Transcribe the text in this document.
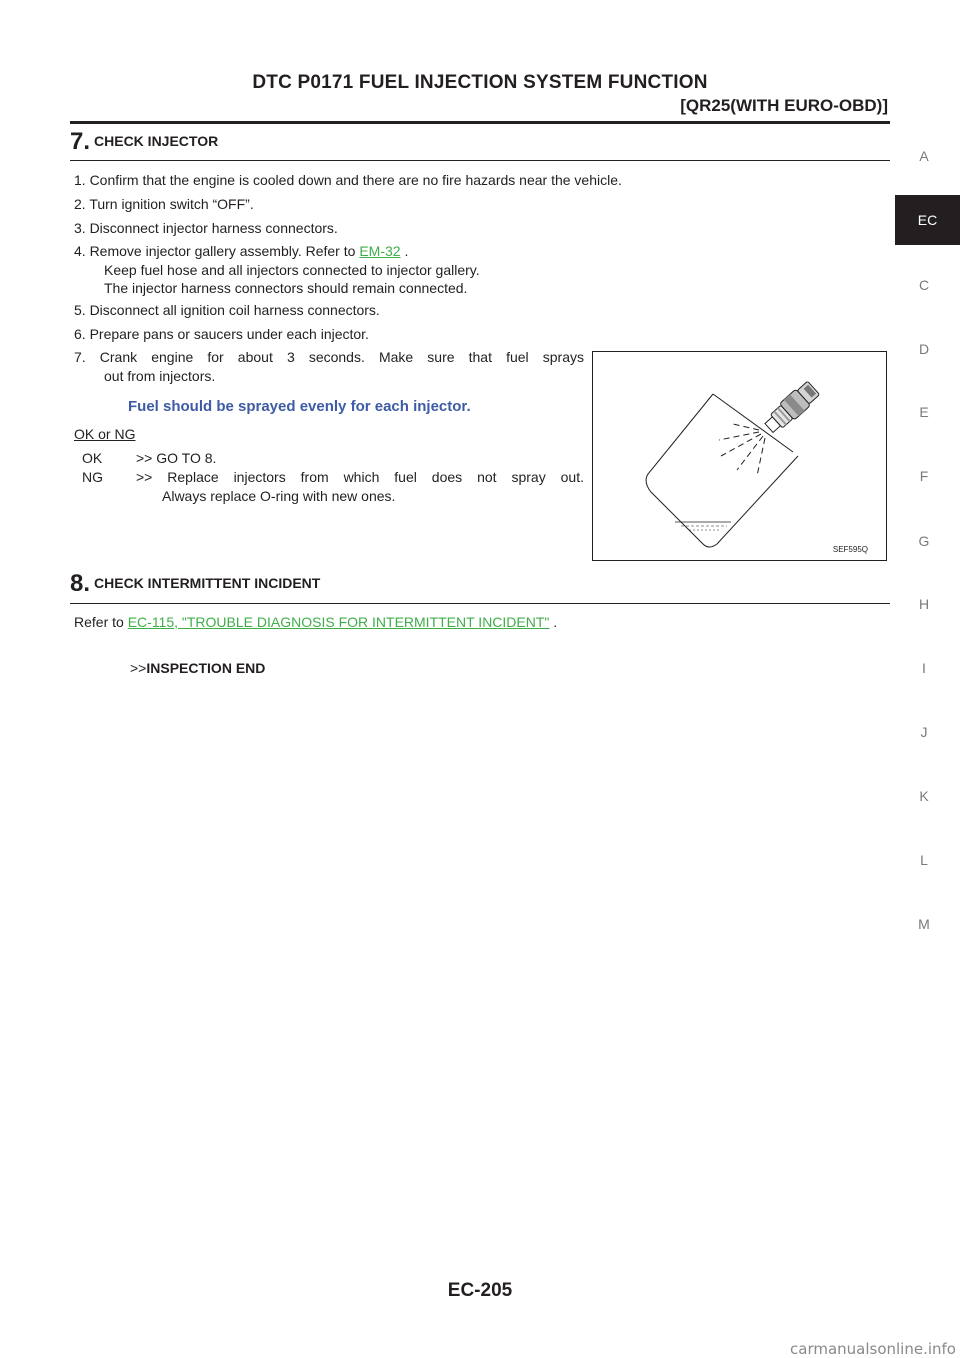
DTC P0171 FUEL INJECTION SYSTEM FUNCTION
[QR25(WITH EURO-OBD)]
7. CHECK INJECTOR
1. Confirm that the engine is cooled down and there are no fire hazards near the vehicle.
2. Turn ignition switch “OFF”.
3. Disconnect injector harness connectors.
4. Remove injector gallery assembly. Refer to EM-32 .
Keep fuel hose and all injectors connected to injector gallery.
The injector harness connectors should remain connected.
5. Disconnect all ignition coil harness connectors.
6. Prepare pans or saucers under each injector.
7. Crank engine for about 3 seconds. Make sure that fuel sprays
out from injectors.
Fuel should be sprayed evenly for each injector.
OK or NG
OK >> GO TO 8.
NG >> Replace injectors from which fuel does not spray out.
Always replace O-ring with new ones.
SEF595Q
8. CHECK INTERMITTENT INCIDENT
Refer to EC-115, "TROUBLE DIAGNOSIS FOR INTERMITTENT INCIDENT" .
>>INSPECTION END
A
EC
C
D
E
F
G
H
I
J
K
L
M
EC-205
carmanualsonline.info
